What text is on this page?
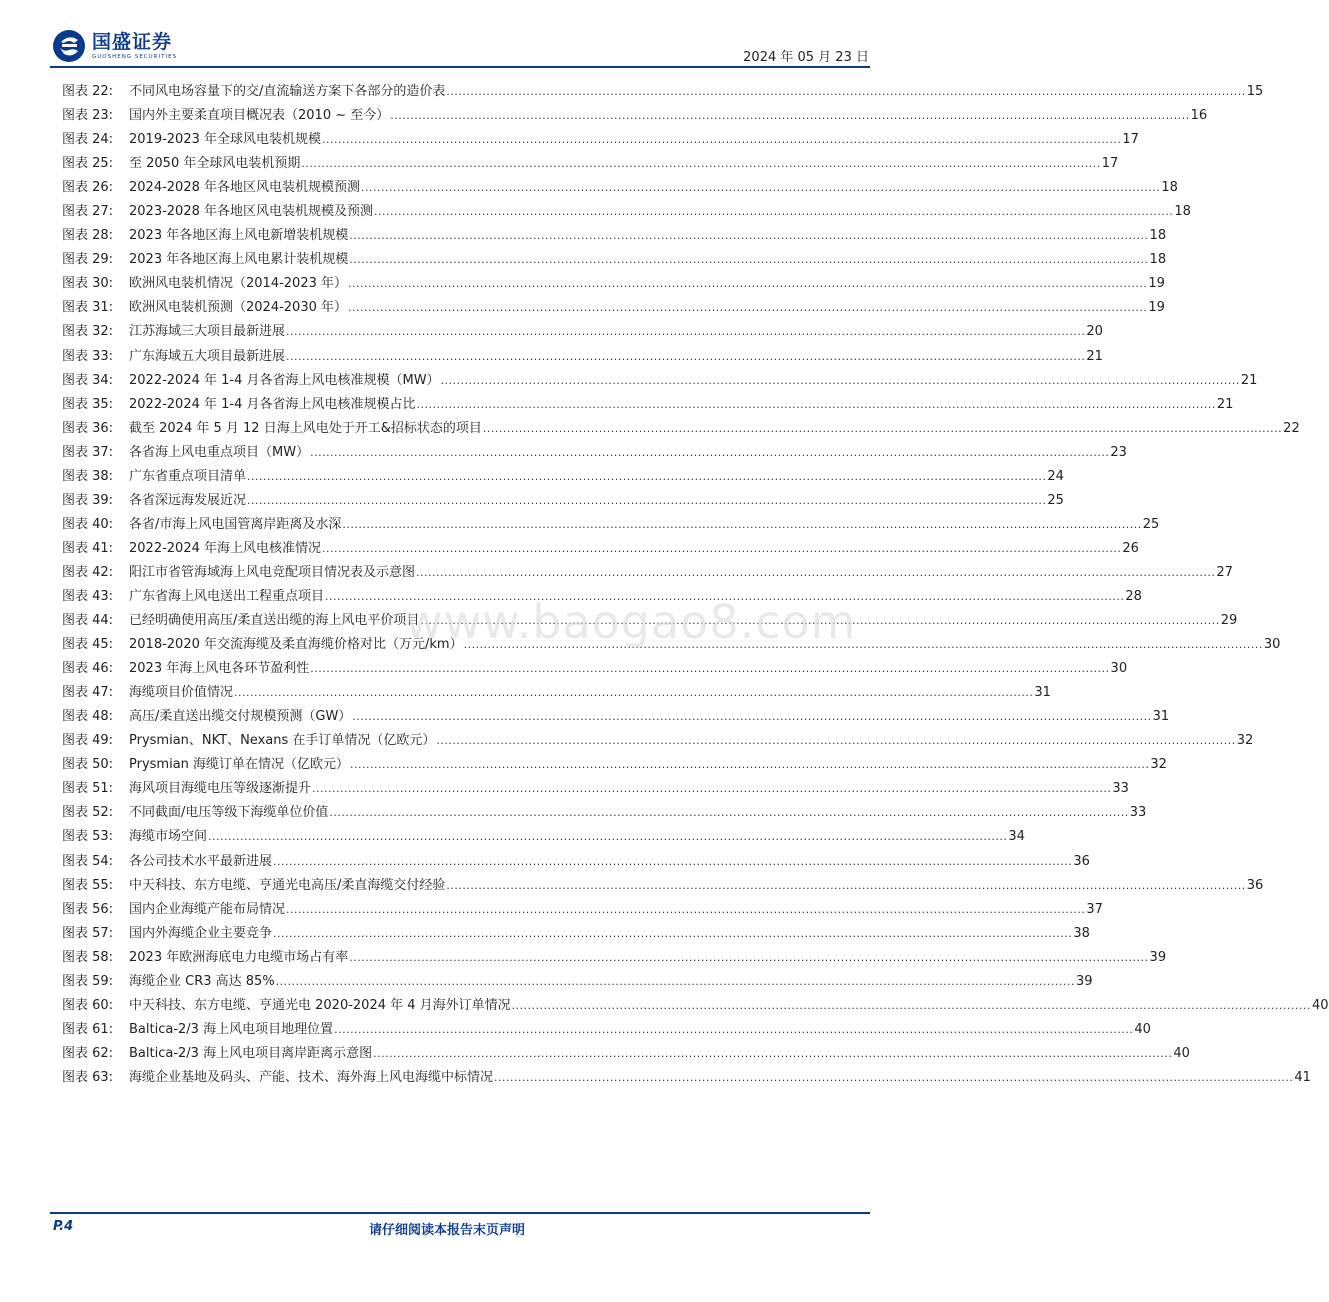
国盛证券
GUOSHENG SECURITIES	2024 年 05 月 23 日
图表 22:	不同风电场容量下的交/直流输送方案下各部分的造价表 .....	15
图表 23:	国内外主要柔直项目概况表（2010 ~ 至今） .....	16
图表 24:	2019-2023 年全球风电装机规模 .....	17
图表 25:	至 2050 年全球风电装机预期 .....	17
图表 26:	2024-2028 年各地区风电装机规模预测 .....	18
图表 27:	2023-2028 年各地区风电装机规模及预测 .....	18
图表 28:	2023 年各地区海上风电新增装机规模 .....	18
图表 29:	2023 年各地区海上风电累计装机规模 .....	18
图表 30:	欧洲风电装机情况（2014-2023 年） .....	19
图表 31:	欧洲风电装机预测（2024-2030 年） .....	19
图表 32:	江苏海域三大项目最新进展 .....	20
图表 33:	广东海域五大项目最新进展 .....	21
图表 34:	2022-2024 年 1-4 月各省海上风电核准规模（MW） .....	21
图表 35:	2022-2024 年 1-4 月各省海上风电核准规模占比 .....	21
图表 36:	截至 2024 年 5 月 12 日海上风电处于开工&招标状态的项目 .....	22
图表 37:	各省海上风电重点项目（MW） .....	23
图表 38:	广东省重点项目清单 .....	24
图表 39:	各省深远海发展近况 .....	25
图表 40:	各省/市海上风电国管离岸距离及水深 .....	25
图表 41:	2022-2024 年海上风电核准情况 .....	26
图表 42:	阳江市省管海域海上风电竞配项目情况表及示意图 .....	27
图表 43:	广东省海上风电送出工程重点项目 .....	28
图表 44:	已经明确使用高压/柔直送出缆的海上风电平价项目 .....	29
图表 45:	2018-2020 年交流海缆及柔直海缆价格对比（万元/km） .....	30
图表 46:	2023 年海上风电各环节盈利性 .....	30
图表 47:	海缆项目价值情况 .....	31
图表 48:	高压/柔直送出缆交付规模预测（GW） .....	31
图表 49:	Prysmian、NKT、Nexans 在手订单情况（亿欧元） .....	32
图表 50:	Prysmian 海缆订单在情况（亿欧元） .....	32
图表 51:	海风项目海缆电压等级逐渐提升 .....	33
图表 52:	不同截面/电压等级下海缆单位价值 .....	33
图表 53:	海缆市场空间 .....	34
图表 54:	各公司技术水平最新进展 .....	36
图表 55:	中天科技、东方电缆、亨通光电高压/柔直海缆交付经验 .....	36
图表 56:	国内企业海缆产能布局情况 .....	37
图表 57:	国内外海缆企业主要竞争 .....	38
图表 58:	2023 年欧洲海底电力电缆市场占有率 .....	39
图表 59:	海缆企业 CR3 高达 85% .....	39
图表 60:	中天科技、东方电缆、亨通光电 2020-2024 年 4 月海外订单情况 .....	40
图表 61:	Baltica-2/3 海上风电项目地理位置 .....	40
图表 62:	Baltica-2/3 海上风电项目离岸距离示意图 .....	40
图表 63:	海缆企业基地及码头、产能、技术、海外海上风电海缆中标情况 .....	41
www.baogao8.com
P.4	请仔细阅读本报告末页声明
